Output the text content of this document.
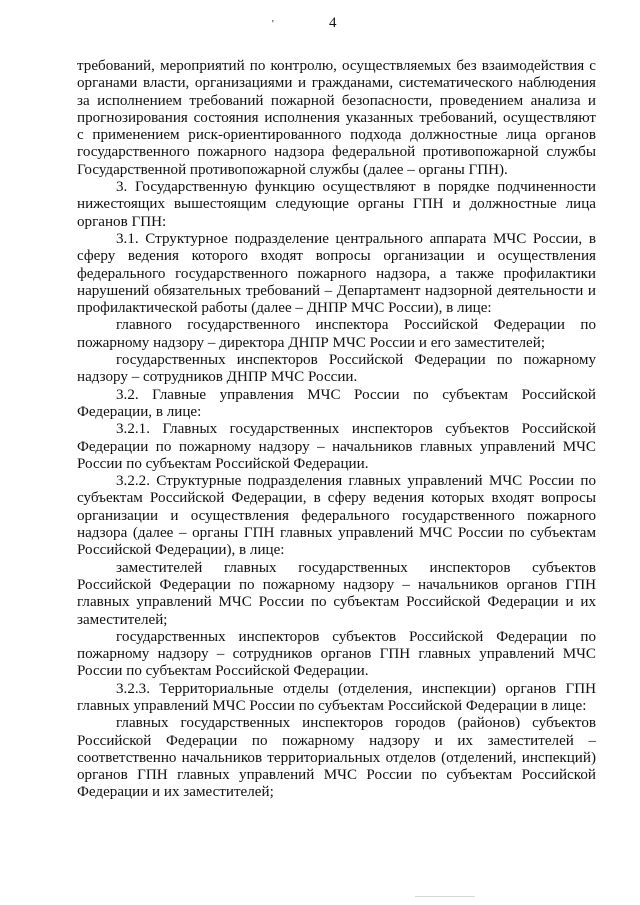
'	4

требований, мероприятий по контролю, осуществляемых без взаимодействия с органами власти, организациями и гражданами, систематического наблюдения за исполнением требований пожарной безопасности, проведением анализа и прогнозирования состояния исполнения указанных требований, осуществляют с применением риск-ориентированного подхода должностные лица органов государственного пожарного надзора федеральной противопожарной службы Государственной противопожарной службы (далее – органы ГПН).

3. Государственную функцию осуществляют в порядке подчиненности нижестоящих вышестоящим следующие органы ГПН и должностные лица органов ГПН:

3.1. Структурное подразделение центрального аппарата МЧС России, в сферу ведения которого входят вопросы организации и осуществления федерального государственного пожарного надзора, а также профилактики нарушений обязательных требований – Департамент надзорной деятельности и профилактической работы (далее – ДНПР МЧС России), в лице:

главного государственного инспектора Российской Федерации по пожарному надзору – директора ДНПР МЧС России и его заместителей;

государственных инспекторов Российской Федерации по пожарному надзору – сотрудников ДНПР МЧС России.

3.2. Главные управления МЧС России по субъектам Российской Федерации, в лице:

3.2.1. Главных государственных инспекторов субъектов Российской Федерации по пожарному надзору – начальников главных управлений МЧС России по субъектам Российской Федерации.

3.2.2. Структурные подразделения главных управлений МЧС России по субъектам Российской Федерации, в сферу ведения которых входят вопросы организации и осуществления федерального государственного пожарного надзора (далее – органы ГПН главных управлений МЧС России по субъектам Российской Федерации), в лице:

заместителей главных государственных инспекторов субъектов Российской Федерации по пожарному надзору – начальников органов ГПН главных управлений МЧС России по субъектам Российской Федерации и их заместителей;

государственных инспекторов субъектов Российской Федерации по пожарному надзору – сотрудников органов ГПН главных управлений МЧС России по субъектам Российской Федерации.

3.2.3. Территориальные отделы (отделения, инспекции) органов ГПН главных управлений МЧС России по субъектам Российской Федерации в лице:

главных государственных инспекторов городов (районов) субъектов Российской Федерации по пожарному надзору и их заместителей – соответственно начальников территориальных отделов (отделений, инспекций) органов ГПН главных управлений МЧС России по субъектам Российской Федерации и их заместителей;
